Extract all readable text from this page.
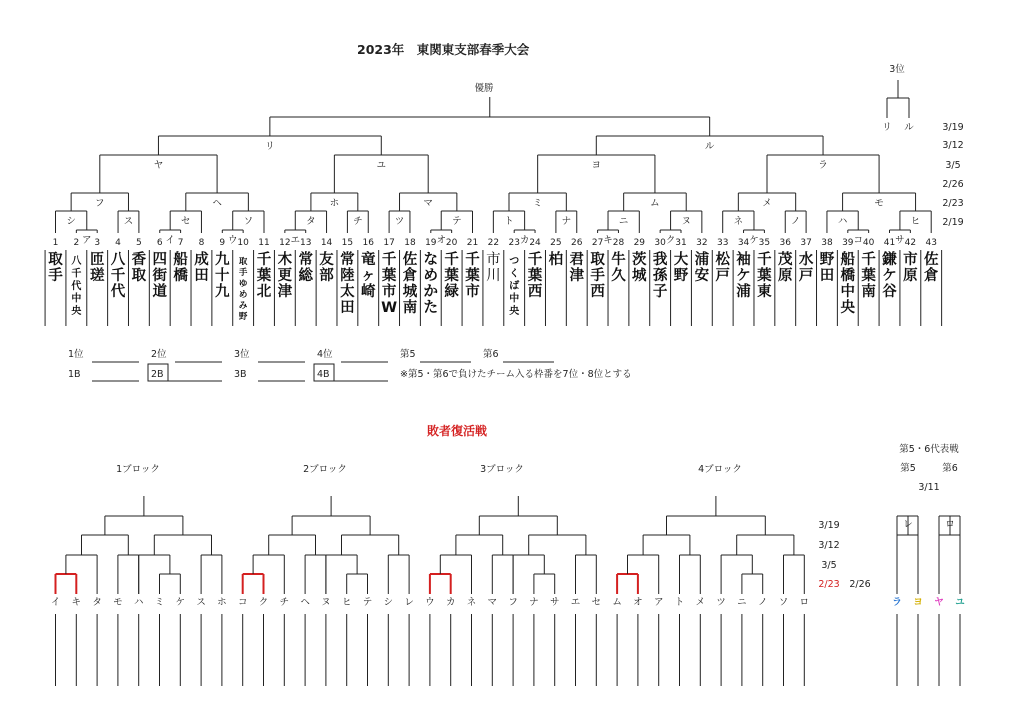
2023年　東関東支部春季大会
優勝
3位
リ ル	3/19
3/12
3/5
2/26
2/23
2/19
ア
シ	ス
フ
イ
セ
ウ
ソ
ヘ
ヤ
エ
タ	チ
ホ
ツ
オ
テ
マ
ユ
リ
カ
ト	ナ
ミ
キ
ニ
ク
ヌ
ム
ヨ
ケ
ネ	ノ
メ
コ
ハ
サ
ヒ
モ
ラ
ル
1
取
手
2
八
千
代
中
央
3
匝
瑳
4
八
千
代
5
香
取
6
四
街
道
7
船
橋
8
成
田
9
九
十
九
10
取
手
ゆ
め
み
野
11
千
葉
北
12
木
更
津
13
常
総
14
友
部
15
常
陸
太
田
16
竜
ヶ
崎
17
千
葉
市
W
18
佐
倉
城
南
19
な
め
か
た
20
千
葉
緑
21
千
葉
市
22
市
川
23
つ
く
ば
中
央
24
千
葉
西
25
柏
26
君
津
27
取
手
西
28
牛
久
29
茨
城
30
我
孫
子
31
大
野
32
浦
安
33
松
戸
34
袖
ケ
浦
35
千
葉
東
36
茂
原
37
水
戸
38
野
田
39
船
橋
中
央
40
千
葉
南
41
鎌
ケ
谷
42
市
原
43
佐
倉
1位	2位	3位	4位	第5	第6
1B	2B	3B	4B	※第5・第6で負けたチーム入る枠番を7位・8位とする
敗者復活戦
1ブロック	2ブロック	3ブロック	4ブロック
3/19
3/12
3/5
2/23 2/26
イ キ タ モ ハ ミ ケ ス ホ コ ク チ ヘ ヌ ヒ テ シ レ ウ カ ネ マ フ ナ サ エ セ ム オ ア ト メ ツ ニ ノ ソ ロ
第5・6代表戦
第5	第6
3/11
レ	ロ
ラ ヨ ヤ ユ
